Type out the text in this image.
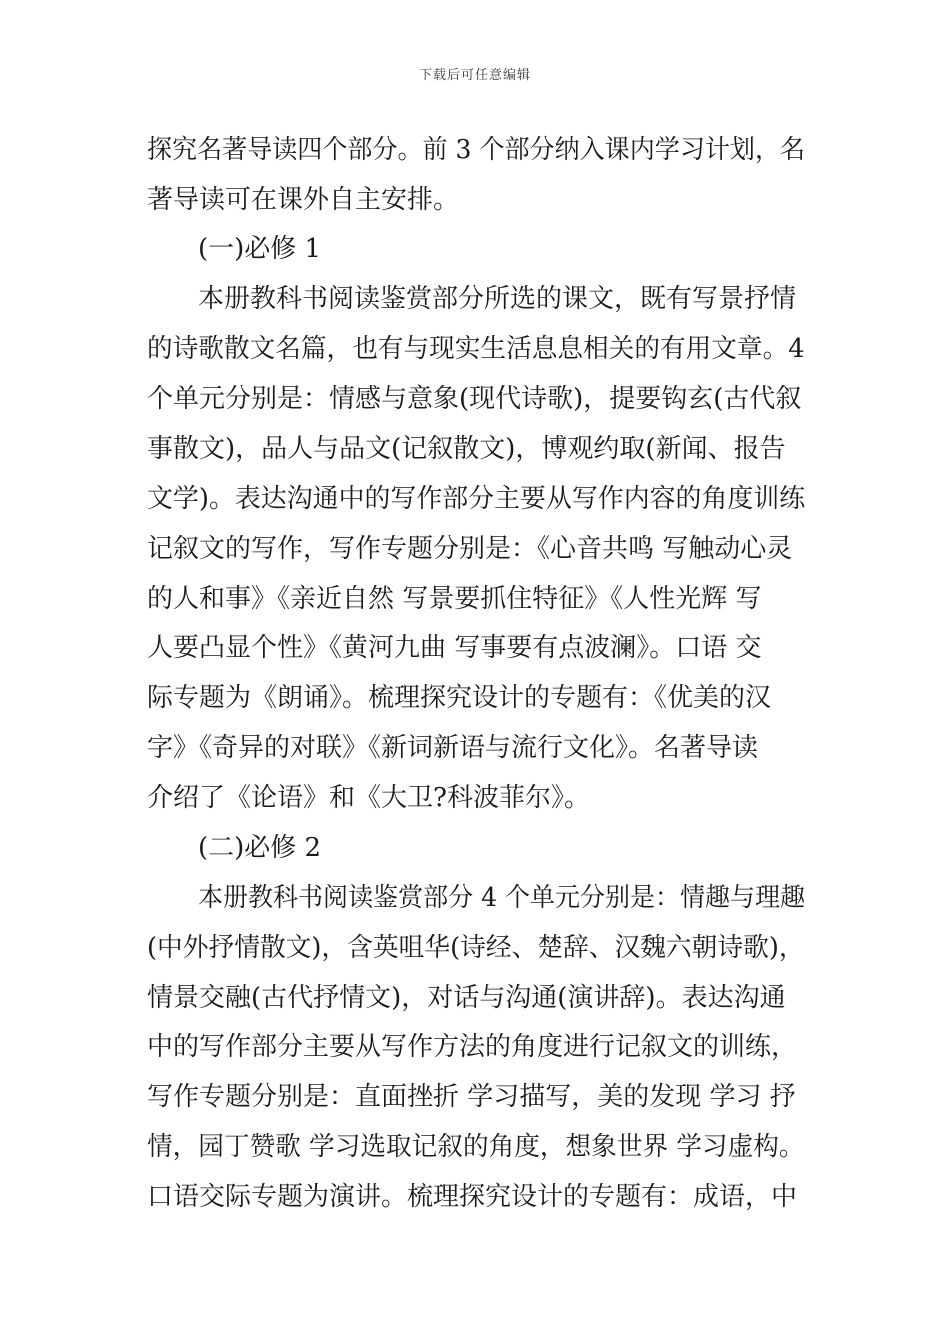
下载后可任意编辑
探究名著导读四个部分。前 3 个部分纳入课内学习计划，名
著导读可在课外自主安排。
(一)必修 1
本册教科书阅读鉴赏部分所选的课文，既有写景抒情
的诗歌散文名篇，也有与现实生活息息相关的有用文章。4
个单元分别是：情感与意象(现代诗歌)，提要钩玄(古代叙
事散文)，品人与品文(记叙散文)，博观约取(新闻、报告
文学)。表达沟通中的写作部分主要从写作内容的角度训练
记叙文的写作，写作专题分别是：《心音共鸣 写触动心灵
的人和事》《亲近自然 写景要抓住特征》《人性光辉 写
人要凸显个性》《黄河九曲 写事要有点波澜》。口语 交
际专题为《朗诵》。梳理探究设计的专题有：《优美的汉
字》《奇异的对联》《新词新语与流行文化》。名著导读
介绍了《论语》和《大卫?科波菲尔》。
(二)必修 2
本册教科书阅读鉴赏部分 4 个单元分别是：情趣与理趣
(中外抒情散文)，含英咀华(诗经、楚辞、汉魏六朝诗歌)，
情景交融(古代抒情文)，对话与沟通(演讲辞)。表达沟通
中的写作部分主要从写作方法的角度进行记叙文的训练，
写作专题分别是：直面挫折 学习描写，美的发现 学习 抒
情，园丁赞歌 学习选取记叙的角度，想象世界 学习虚构。
口语交际专题为演讲。梳理探究设计的专题有：成语，中
